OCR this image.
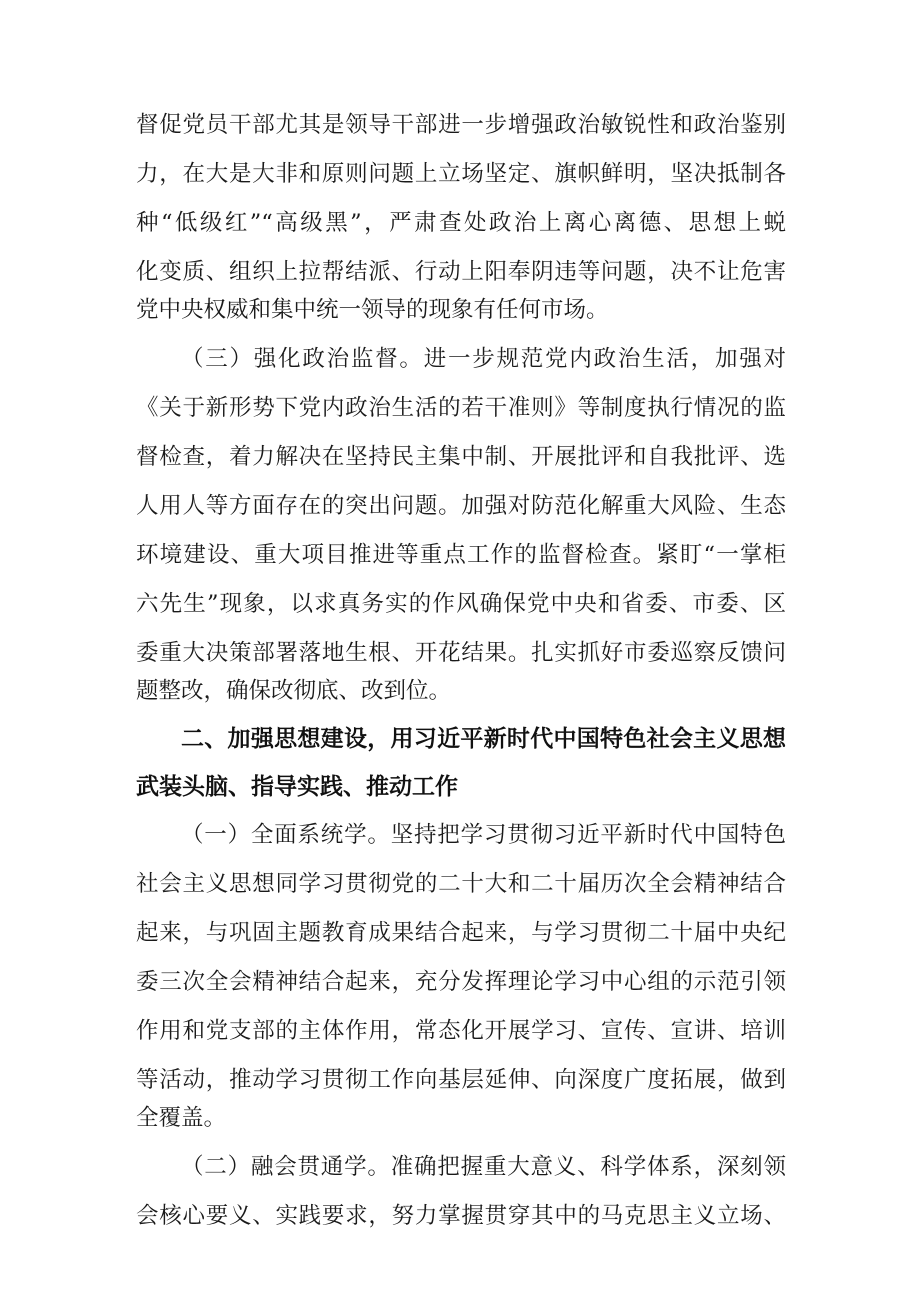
督促党员干部尤其是领导干部进一步增强政治敏锐性和政治鉴别

力，在大是大非和原则问题上立场坚定、旗帜鲜明，坚决抵制各

种“低级红”“高级黑”，严肃查处政治上离心离德、思想上蜕

化变质、组织上拉帮结派、行动上阳奉阴违等问题，决不让危害

党中央权威和集中统一领导的现象有任何市场。

（三）强化政治监督。进一步规范党内政治生活，加强对

《关于新形势下党内政治生活的若干准则》等制度执行情况的监

督检查，着力解决在坚持民主集中制、开展批评和自我批评、选

人用人等方面存在的突出问题。加强对防范化解重大风险、生态

环境建设、重大项目推进等重点工作的监督检查。紧盯“一掌柜

六先生”现象，以求真务实的作风确保党中央和省委、市委、区

委重大决策部署落地生根、开花结果。扎实抓好市委巡察反馈问

题整改，确保改彻底、改到位。

二、加强思想建设，用习近平新时代中国特色社会主义思想

武装头脑、指导实践、推动工作

（一）全面系统学。坚持把学习贯彻习近平新时代中国特色

社会主义思想同学习贯彻党的二十大和二十届历次全会精神结合

起来，与巩固主题教育成果结合起来，与学习贯彻二十届中央纪

委三次全会精神结合起来，充分发挥理论学习中心组的示范引领

作用和党支部的主体作用，常态化开展学习、宣传、宣讲、培训

等活动，推动学习贯彻工作向基层延伸、向深度广度拓展，做到

全覆盖。

（二）融会贯通学。准确把握重大意义、科学体系，深刻领

会核心要义、实践要求，努力掌握贯穿其中的马克思主义立场、
